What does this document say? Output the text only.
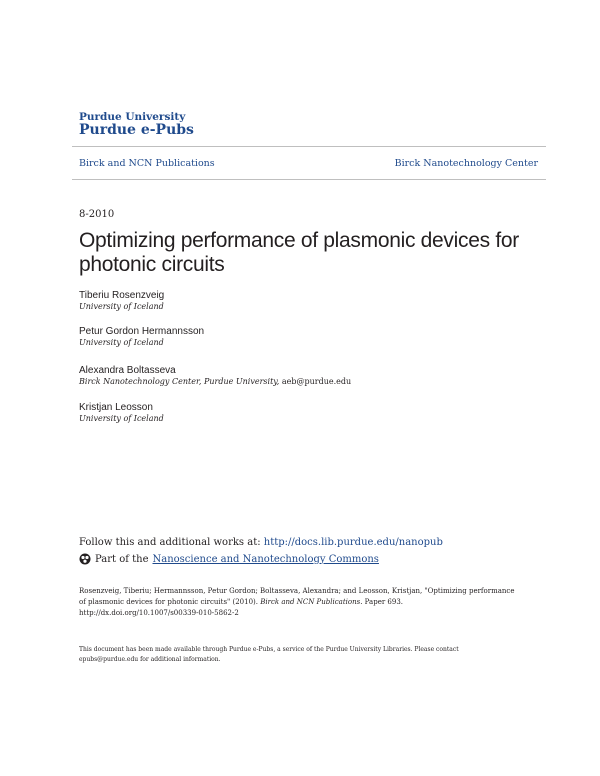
Purdue University
Purdue e-Pubs
Birck and NCN Publications	Birck Nanotechnology Center
8-2010
Optimizing performance of plasmonic devices for photonic circuits
Tiberiu Rosenzveig
University of Iceland
Petur Gordon Hermannsson
University of Iceland
Alexandra Boltasseva
Birck Nanotechnology Center, Purdue University, aeb@purdue.edu
Kristjan Leosson
University of Iceland
Follow this and additional works at: http://docs.lib.purdue.edu/nanopub
Part of the Nanoscience and Nanotechnology Commons
Rosenzveig, Tiberiu; Hermannsson, Petur Gordon; Boltasseva, Alexandra; and Leosson, Kristjan, "Optimizing performance of plasmonic devices for photonic circuits" (2010). Birck and NCN Publications. Paper 693.
http://dx.doi.org/10.1007/s00339-010-5862-2
This document has been made available through Purdue e-Pubs, a service of the Purdue University Libraries. Please contact epubs@purdue.edu for additional information.
